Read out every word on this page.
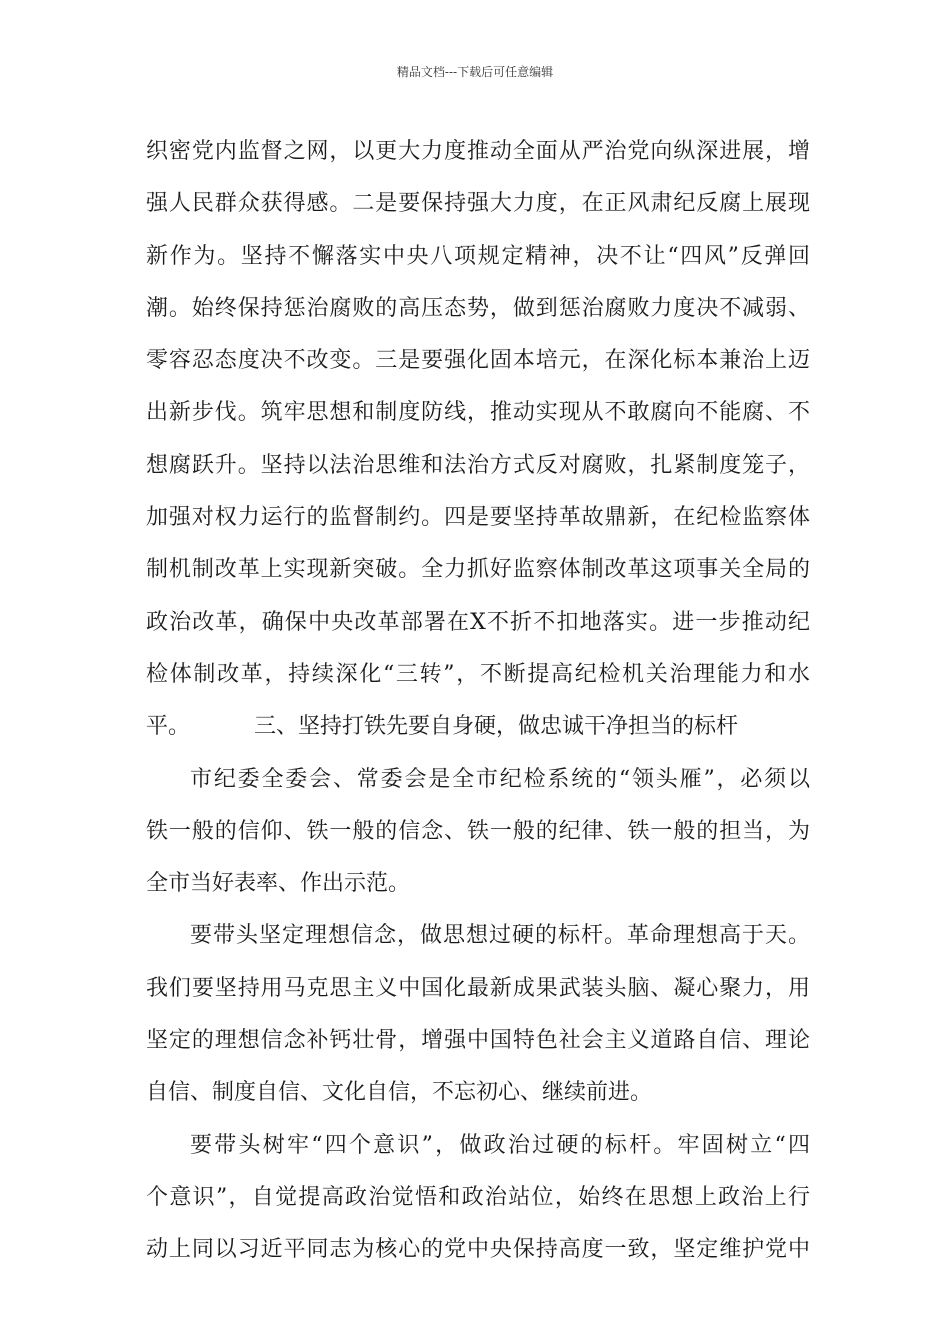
精品文档---下载后可任意编辑
织密党内监督之网，以更大力度推动全面从严治党向纵深进展，增
强人民群众获得感。二是要保持强大力度，在正风肃纪反腐上展现
新作为。坚持不懈落实中央八项规定精神，决不让“四风”反弹回
潮。始终保持惩治腐败的高压态势，做到惩治腐败力度决不减弱、
零容忍态度决不改变。三是要强化固本培元，在深化标本兼治上迈
出新步伐。筑牢思想和制度防线，推动实现从不敢腐向不能腐、不
想腐跃升。坚持以法治思维和法治方式反对腐败，扎紧制度笼子，
加强对权力运行的监督制约。四是要坚持革故鼎新，在纪检监察体
制机制改革上实现新突破。全力抓好监察体制改革这项事关全局的
政治改革，确保中央改革部署在X不折不扣地落实。进一步推动纪
检体制改革，持续深化“三转”，不断提高纪检机关治理能力和水
平。	三、坚持打铁先要自身硬，做忠诚干净担当的标杆
市纪委全委会、常委会是全市纪检系统的“领头雁”，必须以
铁一般的信仰、铁一般的信念、铁一般的纪律、铁一般的担当，为
全市当好表率、作出示范。
要带头坚定理想信念，做思想过硬的标杆。革命理想高于天。
我们要坚持用马克思主义中国化最新成果武装头脑、凝心聚力，用
坚定的理想信念补钙壮骨，增强中国特色社会主义道路自信、理论
自信、制度自信、文化自信，不忘初心、继续前进。
要带头树牢“四个意识”，做政治过硬的标杆。牢固树立“四
个意识”，自觉提高政治觉悟和政治站位，始终在思想上政治上行
动上同以习近平同志为核心的党中央保持高度一致，坚定维护党中
